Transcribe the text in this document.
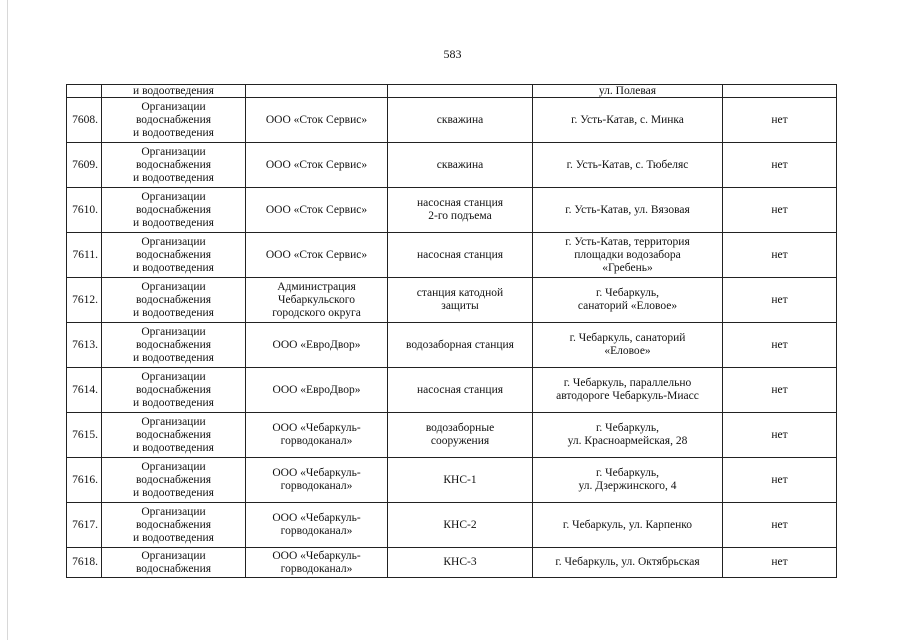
583
	и водоотведения			ул. Полевая	
7608.	Организации
водоснабжения
и водоотведения	ООО «Сток Сервис»	скважина	г. Усть-Катав, с. Минка	нет
7609.	Организации
водоснабжения
и водоотведения	ООО «Сток Сервис»	скважина	г. Усть-Катав, с. Тюбеляс	нет
7610.	Организации
водоснабжения
и водоотведения	ООО «Сток Сервис»	насосная станция
2-го подъема	г. Усть-Катав, ул. Вязовая	нет
7611.	Организации
водоснабжения
и водоотведения	ООО «Сток Сервис»	насосная станция	г. Усть-Катав, территория
площадки водозабора
«Гребень»	нет
7612.	Организации
водоснабжения
и водоотведения	Администрация
Чебаркульского
городского округа	станция катодной
защиты	г. Чебаркуль,
санаторий «Еловое»	нет
7613.	Организации
водоснабжения
и водоотведения	ООО «ЕвроДвор»	водозаборная станция	г. Чебаркуль, санаторий
«Еловое»	нет
7614.	Организации
водоснабжения
и водоотведения	ООО «ЕвроДвор»	насосная станция	г. Чебаркуль, параллельно
автодороге Чебаркуль-Миасс	нет
7615.	Организации
водоснабжения
и водоотведения	ООО «Чебаркуль-
горводоканал»	водозаборные
сооружения	г. Чебаркуль,
ул. Красноармейская, 28	нет
7616.	Организации
водоснабжения
и водоотведения	ООО «Чебаркуль-
горводоканал»	КНС-1	г. Чебаркуль,
ул. Дзержинского, 4	нет
7617.	Организации
водоснабжения
и водоотведения	ООО «Чебаркуль-
горводоканал»	КНС-2	г. Чебаркуль, ул. Карпенко	нет
7618.	Организации
водоснабжения	ООО «Чебаркуль-
горводоканал»	КНС-3	г. Чебаркуль, ул. Октябрьская	нет
